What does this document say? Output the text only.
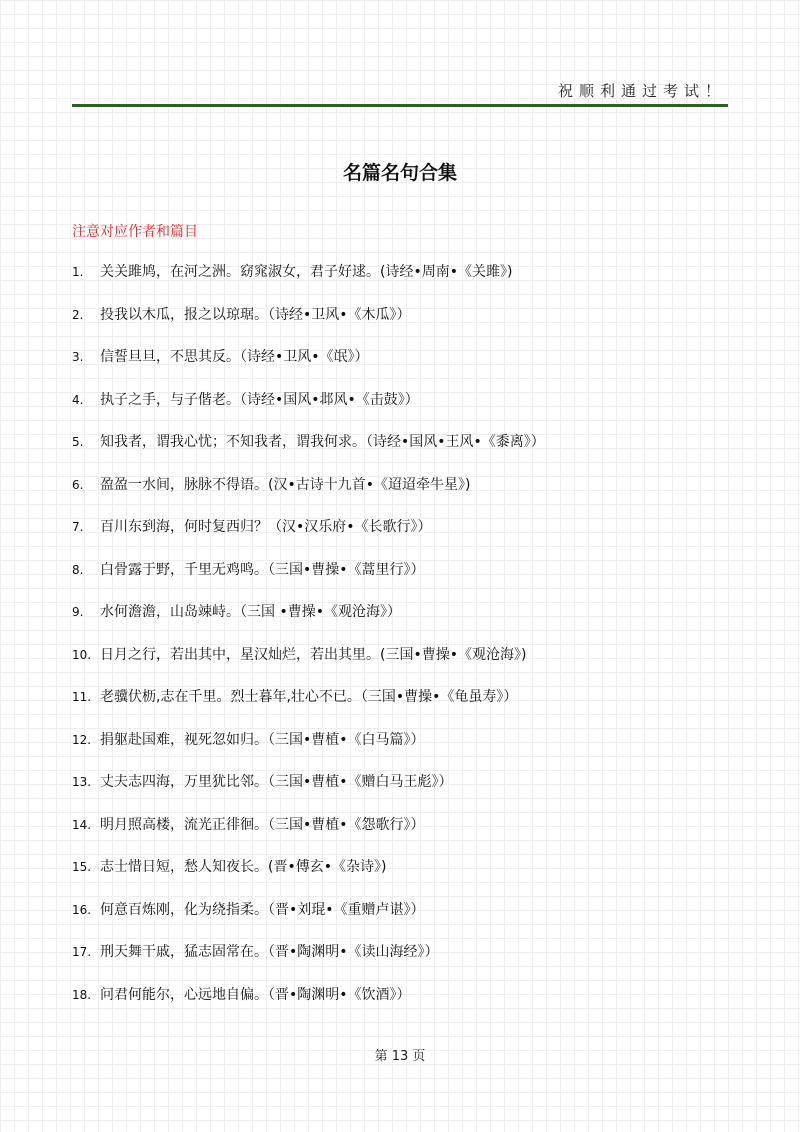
祝顺利通过考试！
名篇名句合集
注意对应作者和篇目
1.	关关雎鸠，在河之洲。窈窕淑女，君子好逑。(诗经•周南•《关雎》)
2.	投我以木瓜，报之以琼琚。（诗经•卫风•《木瓜》）
3.	信誓旦旦，不思其反。（诗经•卫风•《氓》）
4.	执子之手，与子偕老。（诗经•国风•邶风•《击鼓》）
5.	知我者，谓我心忧；不知我者，谓我何求。（诗经•国风•王风•《黍离》）
6.	盈盈一水间，脉脉不得语。(汉•古诗十九首•《迢迢牵牛星》)
7.	百川东到海，何时复西归？（汉•汉乐府•《长歌行》）
8.	白骨露于野，千里无鸡鸣。（三国•曹操•《蒿里行》）
9.	水何澹澹，山岛竦峙。（三国 •曹操•《观沧海》）
10. 日月之行，若出其中，星汉灿烂，若出其里。(三国•曹操•《观沧海》)
11. 老骥伏枥,志在千里。烈士暮年,壮心不已。（三国•曹操•《龟虽寿》）
12. 捐躯赴国难，视死忽如归。（三国•曹植•《白马篇》）
13. 丈夫志四海，万里犹比邻。（三国•曹植•《赠白马王彪》）
14. 明月照高楼，流光正徘徊。（三国•曹植•《怨歌行》）
15. 志士惜日短，愁人知夜长。(晋•傅玄•《杂诗》)
16. 何意百炼刚，化为绕指柔。（晋•刘琨•《重赠卢谌》）
17. 刑天舞干戚，猛志固常在。（晋•陶渊明•《读山海经》）
18. 问君何能尔，心远地自偏。（晋•陶渊明•《饮酒》）
第 13 页
